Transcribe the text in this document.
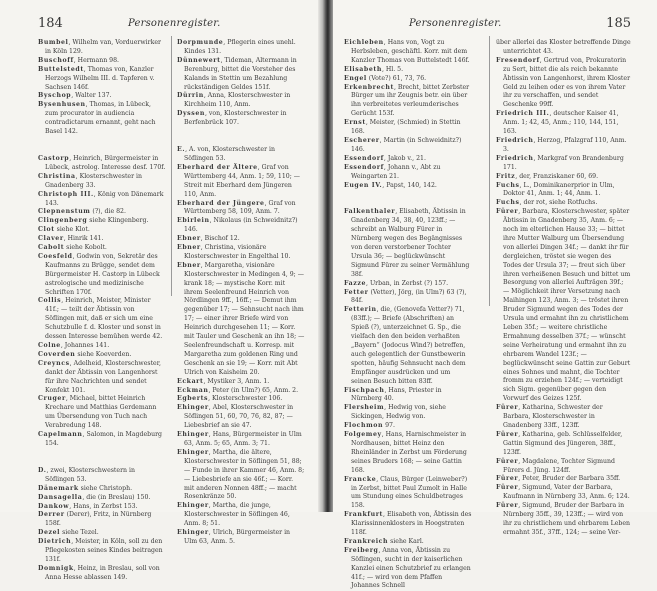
184	Personenregister.

Bumbel, Wilhelm van, Vorduerwirker in Köln 129.

Buschoff, Hermann 98.

Buttelstedt, Thomas von, Kanzler Herzogs Wilhelm III. d. Tapferen v. Sachsen 146f.

Byschop, Walter 137.

Bysenhusen, Thomas, in Lübeck, zum procurator in audiencia contradictarum ernannt, geht nach Basel 142.

Castorp, Heinrich, Bürgermeister in Lübeck, astrolog. Interesse desf. 170f.

Christina, Klosterschwester in Gnadenberg 33.

Christoph III., König von Dänemark 143.

Clepnenstum (?), die 82.

Clingenberg siehe Klingenberg.

Clot siehe Klot.

Claver, Hinrik 141.

Cabolt siehe Kobolt.

Coesfeld, Godwin von, Sekretär des Kaufmanns zu Brügge, sendet dem Bürgermeister H. Castorp in Lübeck astrologische und medizinische Schriften 170f.

Collis, Heinrich, Meister, Minister 41f.; — teilt der Äbtissin von Söflingen mit, daß er sich um eine Schutzbulle f. d. Kloster und sonst in dessen Interesse bemühen werde 42.

Colne, Johannes 141.

Coverden siehe Koeverden.

Creyncs, Adelheid, Klosterschwester, dankt der Äbtissin von Langenhorst für ihre Nachrichten und sendet Konfekt 101.

Cruger, Michael, bittet Heinrich Krechare und Matthias Gerdemann um Übersendung von Tuch nach Verabredung 148.

Capelmann, Salomon, in Magdeburg 154.

D., zwei, Klosterschwestern in Söflingen 53.

Dänemark siehe Christoph.

Dansagella, die (in Breslau) 150.

Dankow, Hans, in Zerbst 153.

Derrer (Derer), Fritz, in Nürnberg 158f.

Dezel siehe Tezel.

Dietrich, Meister, in Köln, soll zu den Pflegekosten seines Kindes beitragen 131f.

Domnigk, Heinz, in Breslau, soll von Anna Hesse ablassen 149.

Dorpmunde, Pflegerin eines unehl. Kindes 131.

Dünnewert, Tideman, Altermann in Berenburg, bittet die Vorsteher des Kalands in Stettin um Bezahlung rückständigen Geldes 151f.

Dürrin, Anna, Klosterschwester in Kirchheim 110, Anm.

Dyssen, von, Klosterschwester in Berfenbrück 107.

E., A. von, Klosterschwester in Söflingen 53.

Eberhard der Ältere, Graf von Württemberg 44, Anm. 1; 59, 110; — Streit mit Eberhard dem Jüngeren 110, Anm.

Eberhard der Jüngere, Graf von Württemberg 58, 109, Anm. 7.

Ebirlein, Nikolaus (in Schweidnitz?) 146.

Ebner, Bischof 12.

Ebner, Christina, visionäre Klosterschwester in Engelthal 10.

Ebner, Margaretha, visionäre Klosterschwester in Medingen 4, 9; — krank 18; — mystische Korr. mit ihrem Seelenfreund Heinrich von Nördlingen 9ff., 16ff.; — Demut ihm gegenüber 17; — Sehnsucht nach ihm 17; — einer ihrer Briefe wird von Heinrich durchgesehen 11; — Korr. mit Tauler und Geschenk an ihn 18; — Seelenfreundschaft u. Korresp. mit Margaretha zum goldenen Ring und Geschenk an sie 19; — Korr. mit Abt Ulrich von Kaisheim 20.

Eckart, Mystiker 3, Anm. 1.

Eckman, Peter (in Ulm?) 65, Anm. 2.

Egberts, Klosterschwester 106.

Ehinger, Abel, Klosterschwester in Söflingen 51, 60, 70, 76, 82, 87; — Liebesbrief an sie 47.

Ehinger, Hans, Bürgermeister in Ulm 63, Anm. 5; 65, Anm. 3; 71.

Ehinger, Martha, die ältere, Klosterschwester in Söflingen 51, 88; — Funde in ihrer Kammer 46, Anm. 8; — Liebesbriefe an sie 46f.; — Korr. mit anderen Nonnen 48ff.; — macht Rosenkränze 50.

Ehinger, Martha, die junge, Klosterschwester in Söflingen 46, Anm. 8; 51.

Ehinger, Ulrich, Bürgermeister in Ulm 63, Anm. 5.

185
Personenregister.

Eichleben, Hans von, Vogt zu Herbsleben, geschäftl. Korr. mit dem Kanzler Thomas von Buttelstedt 146f.

Elisabeth, Hl. 5.

Engel (Vote?) 61, 73, 76.

Erkenbrecht, Brecht, bittet Zerbster Bürger um ihr Zeugnis betr. ein über ihn verbreitetes verleumderisches Gerücht 153f.

Ernst, Meister, (Schmied) in Stettin 168.

Escherer, Martin (in Schweidnitz?) 146.

Essendorf, Jakob v., 21.

Essendorf, Johann v., Abt zu Weingarten 21.

Eugen IV., Papst, 140, 142.

Falkenthaler, Elisabeth, Äbtissin in Gnadenberg 34, 38, 40, 123ff.; — schreibt an Walburg Fürer in Nürnberg wegen des Begängnisses von deren verstorbener Tochter Ursula 36; — beglückwünscht Sigmund Fürer zu seiner Vermählung 38f.

Fazze, Urban, in Zerbst (?) 157.

Fetter (Vetter), Jörg, (in Ulm?) 63 (?), 84f.

Fetterin, die, (Genovefa Vetter?) 71, (83ff.); — Briefe (Abschriften) an Spieß (?), unterzeichnet G. Sp., die vielfach den den beiden verhaßten „Bayern“ (Jodocus Wind?) betreffen, auch gelegentlich der Gunstbewerin spotten, häufig Sehnsucht nach dem Empfänger ausdrücken und um seinen Besuch bitten 83ff.

Fischpach, Hans, Priester in Nürnberg 40.

Flersheim, Hedwig von, siehe Sickingen, Hedwig von.

Flochmon 97.

Folgemey, Hans, Harnischmeister in Nordhausen, bittet Heinz den Rheinländer in Zerbst um Förderung seines Bruders 168; — seine Gattin 168.

Francke, Claus, Bürger (Leinweber?) in Zerbst, bittet Paul Zumolt in Halle um Stundung eines Schuldbetrages 158.

Frankfurt, Elisabeth von, Äbtissin des Klarissinnenklosters in Hoogstraten 118f.

Frankreich siehe Karl.

Freiberg, Anna von, Äbtissin zu Söflingen, sucht in der kaiserlichen Kanzlei einen Schutzbrief zu erlangen 41f.; — wird von dem Pfaffen Johannes Schnell

über allerlei das Kloster betreffende Dinge unterrichtet 43.

Fresendorf, Gertrud von, Prokuratorin zu Sert, bittet die als reich bekannte Äbtissin von Langenhorst, ihrem Kloster Geld zu leihen oder es von ihrem Vater ihr zu verschaffen, und sendet Geschenke 99ff.

Friedrich III., deutscher Kaiser 41, Anm. 1; 42, 45, Anm.; 110, 144, 151, 163.

Friedrich, Herzog, Pfalzgraf 110, Anm. 3.

Friedrich, Markgraf von Brandenburg 171.

Fritz, der, Franziskaner 60, 69.

Fuchs, L., Dominikanerprior in Ulm, Doktor 41, Anm. 1; 44, Anm. 1.

Fuchs, der rot, siehe Rotfuchs.

Fürer, Barbara, Klosterschwester, später Äbtissin in Gnadenberg 35, Anm. 6; — noch im elterlichen Hause 33; — bittet ihre Mutter Walburg um Übersendung von allerlei Dingen 34f.; — dankt ihr für dergleichen, tröstet sie wegen des Todes der Ursula 37; — freut sich über ihren verheißenen Besuch und bittet um Besorgung von allerlei Aufträgen 39f.; — Möglichkeit ihrer Versetzung nach Maihingen 123, Anm. 3; — tröstet ihren Bruder Sigmund wegen des Todes der Ursula und ermahnt ihn zu christlichem Leben 35f.; — weitere christliche Ermahnung desselben 37f.; — wünscht seine Verheiratung und ermahnt ihn zu ehrbarem Wandel 123f.; — beglückwünscht seine Gattin zur Geburt eines Sohnes und mahnt, die Tochter fromm zu erziehen 124f.; — verteidigt sich Sigm. gegenüber gegen den Vorwurf des Geizes 125f.

Fürer, Katharina, Schwester der Barbara, Klosterschwester in Gnadenberg 33ff., 123ff.

Fürer, Katharina, geb. Schlüsselfelder, Gattin Sigmund des Jüngeren, 38ff., 123ff.

Fürer, Magdalene, Tochter Sigmund Fürers d. Jüng. 124ff.

Fürer, Peter, Bruder der Barbara 35ff.

Fürer, Sigmund, Vater der Barbara, Kaufmann in Nürnberg 33, Anm. 6; 124.

Fürer, Sigmund, Bruder der Barbara in Nürnberg 35ff., 39, 123ff.; — wird von ihr zu christlichem und ehrbarem Leben ermahnt 35f., 37ff., 124; — seine Ver-
